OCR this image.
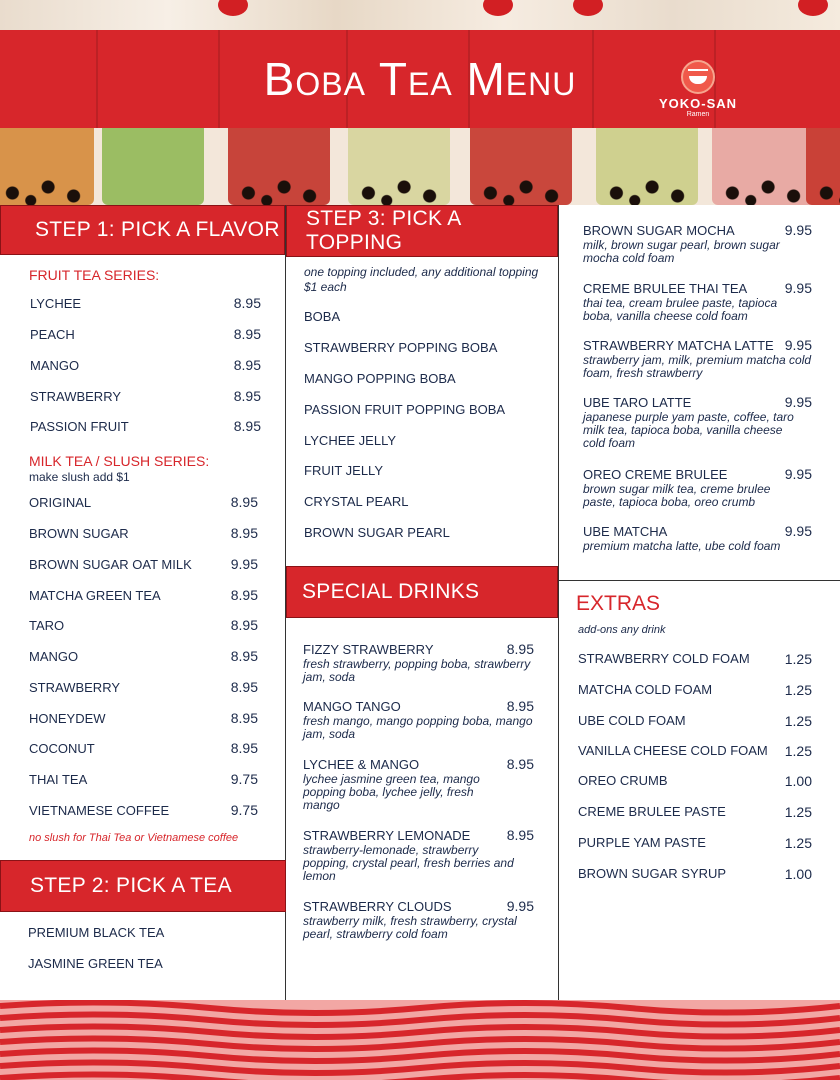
Boba Tea Menu	YOKO-SAN
Ramen
STEP 1: PICK A FLAVOR
FRUIT TEA SERIES:
LYCHEE	8.95
PEACH	8.95
MANGO	8.95
STRAWBERRY	8.95
PASSION FRUIT	8.95
MILK TEA / SLUSH SERIES:
make slush add $1
ORIGINAL	8.95
BROWN SUGAR	8.95
BROWN SUGAR OAT MILK	9.95
MATCHA GREEN TEA	8.95
TARO	8.95
MANGO	8.95
STRAWBERRY	8.95
HONEYDEW	8.95
COCONUT	8.95
THAI TEA	9.75
VIETNAMESE COFFEE	9.75
no slush for Thai Tea or Vietnamese coffee
STEP 2: PICK A TEA
PREMIUM BLACK TEA
JASMINE GREEN TEA
STEP 3: PICK A TOPPING
one topping included, any additional topping $1 each
BOBA
STRAWBERRY POPPING BOBA
MANGO POPPING BOBA
PASSION FRUIT POPPING BOBA
LYCHEE JELLY
FRUIT JELLY
CRYSTAL PEARL
BROWN SUGAR PEARL
SPECIAL DRINKS
FIZZY STRAWBERRY	8.95
fresh strawberry, popping boba, strawberry jam, soda
MANGO TANGO	8.95
fresh mango, mango popping boba, mango jam, soda
LYCHEE & MANGO	8.95
lychee jasmine green tea, mango popping boba, lychee jelly, fresh mango
STRAWBERRY LEMONADE	8.95
strawberry-lemonade, strawberry popping, crystal pearl, fresh berries and lemon
STRAWBERRY CLOUDS	9.95
strawberry milk, fresh strawberry, crystal pearl, strawberry cold foam
BROWN SUGAR MOCHA	9.95
milk, brown sugar pearl, brown sugar mocha cold foam
CREME BRULEE THAI TEA	9.95
thai tea, cream brulee paste, tapioca boba, vanilla cheese cold foam
STRAWBERRY MATCHA LATTE 9.95
strawberry jam, milk, premium matcha cold foam, fresh strawberry
UBE TARO LATTE	9.95
japanese purple yam paste, coffee, taro milk tea, tapioca boba, vanilla cheese cold foam
OREO CREME BRULEE	9.95
brown sugar milk tea, creme brulee paste, tapioca boba, oreo crumb
UBE MATCHA	9.95
premium matcha latte, ube cold foam
EXTRAS
add-ons any drink
STRAWBERRY COLD FOAM	1.25
MATCHA COLD FOAM	1.25
UBE COLD FOAM	1.25
VANILLA CHEESE COLD FOAM	1.25
OREO CRUMB	1.00
CREME BRULEE PASTE	1.25
PURPLE YAM PASTE	1.25
BROWN SUGAR SYRUP	1.00
